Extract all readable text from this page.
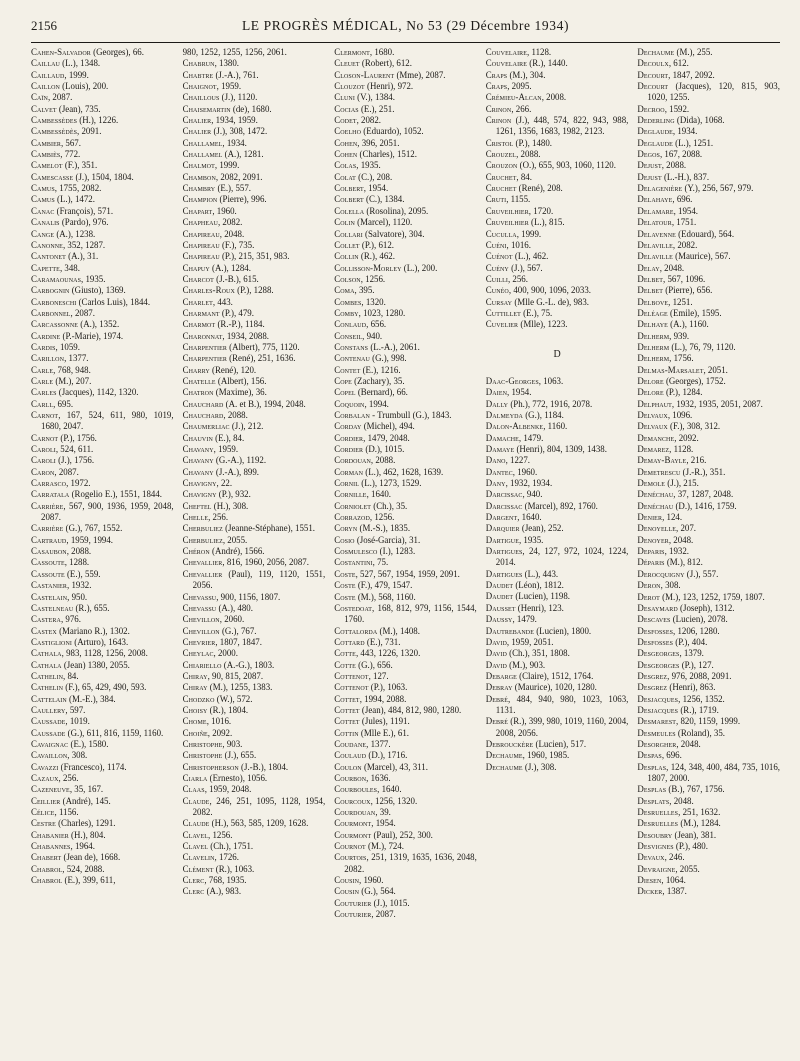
2156	LE PROGRÈS MÉDICAL, No 53 (29 Décembre 1934)
Cahen-Salvador (Georges), 66.
Caillau (L.), 1348.
Caillaud, 1999.
Caillon (Louis), 200.
Caïn, 2087.
Calvet (Jean), 735.
Cambessèdes (H.), 1226.
Cambessèdès, 2091.
Cambier, 567.
Cambiès, 772.
Camelot (F.), 351.
Camescasse (J.), 1504, 1804.
Camus, 1755, 2082.
Camus (L.), 1472.
Canac (François), 571.
Canalis (Pardo), 976.
Cange (A.), 1238.
Canonne, 352, 1287.
Cantonet (A.), 31.
Capette, 348.
Caramaounas, 1935.
Carbognin (Giusto), 1369.
Carboneschi (Carlos Luis), 1844.
Carbonnel, 2087.
Carcassonne (A.), 1352.
Cardine (P.-Marie), 1974.
Cardis, 1059.
Carillon, 1377.
Carle, 768, 948.
Carle (M.), 207.
Carles (Jacques), 1142, 1320.
Carll, 695.
Carnot, 167, 524, 611, 980, 1019, 1680, 2047.
Carnot (P.), 1756.
Caroli, 524, 611.
Caroli (J.), 1756.
Caron, 2087.
Carrasco, 1972.
Carratala (Rogelio E.), 1551, 1844.
Carrière, 567, 900, 1936, 1959, 2048, 2087.
Carrière (G.), 767, 1552.
Cartraud, 1959, 1994.
Casaubon, 2088.
Cassoute, 1288.
Cassoute (E.), 559.
Castanier, 1932.
Castelain, 950.
Castelneau (R.), 655.
Castera, 976.
Castex (Mariano R.), 1302.
Castiglioni (Arturo), 1643.
Cathala, 983, 1128, 1256, 2008.
Cathala (Jean) 1380, 2055.
Cathelin, 84.
Cathelin (F.), 65, 429, 490, 593.
Cattelain (M.-E.), 384.
Caullery, 597.
Caussade, 1019.
Caussade (G.), 611, 816, 1159, 1160.
Cavaignac (E.), 1580.
Cavaillon, 308.
Cavazzi (Francesco), 1174.
Cazaux, 256.
Cazeneuve, 35, 167.
Ceillier (André), 145.
Célice, 1156.
Cestre (Charles), 1291.
Chabanier (H.), 804.
Chabannes, 1964.
Chabert (Jean de), 1668.
Chabrol, 524, 2088.
Chabrol (E.), 399, 611,
980, 1252, 1255, 1256, 2061.
Chabrun, 1380.
Chabtre (J.-A.), 761.
Chaignot, 1959.
Chaillous (J.), 1120.
Chaisemartin (de), 1680.
Chalier, 1934, 1959.
Chalier (J.), 308, 1472.
Challamel, 1934.
Challamel (A.), 1281.
Chalmot, 1999.
Chambon, 2082, 2091.
Chambry (E.), 557.
Champion (Pierre), 996.
Chapart, 1960.
Chapheau, 2082.
Chapireau, 2048.
Chapireau (F.), 735.
Chapireau (P.), 215, 351, 983.
Chapuy (A.), 1284.
Charcot (J.-B.), 615.
Charles-Roux (P.), 1288.
Charlet, 443.
Charmant (P.), 479.
Charmot (R.-P.), 1184.
Charonnat, 1934, 2088.
Charpentier (Albert), 775, 1120.
Charpentier (René), 251, 1636.
Charry (René), 120.
Chatelle (Albert), 156.
Chatron (Maxime), 36.
Chauchard (A. et B.), 1994, 2048.
Chauchard, 2088.
Chaumerliac (J.), 212.
Chauvin (E.), 84.
Chavany, 1959.
Chavany (G.-A.), 1192.
Chavany (J.-A.), 899.
Chavigny, 22.
Chavigny (P.), 932.
Cheftel (H.), 308.
Chelle, 256.
Cherbuliez (Jeanne-Stéphane), 1551.
Cherbuliez, 2055.
Chéron (André), 1566.
Chevallier, 816, 1960, 2056, 2087.
Chevallier (Paul), 119, 1120, 1551, 2056.
Chevassu, 900, 1156, 1807.
Chevassu (A.), 480.
Chevillon, 2060.
Chevillon (G.), 767.
Chevrier, 1807, 1847.
Cheylac, 2000.
Chiariello (A.-G.), 1803.
Chiray, 90, 815, 2087.
Chiray (M.), 1255, 1383.
Chodzko (W.), 572.
Choisy (R.), 1804.
Chome, 1016.
Choiñe, 2092.
Christophe, 903.
Christophe (J.), 655.
Christopherson (J.-B.), 1804.
Ciarla (Ernesto), 1056.
Claas, 1959, 2048.
Claude, 246, 251, 1095, 1128, 1954, 2082.
Claude (H.), 563, 585, 1209, 1628.
Clavel, 1256.
Clavel (Ch.), 1751.
Clavelin, 1726.
Clément (R.), 1063.
Clerc, 768, 1935.
Clerc (A.), 983.
Clermont, 1680.
Cleuet (Robert), 612.
Closon-Laurent (Mme), 2087.
Clouzot (Henri), 972.
Cluni (V.), 1384.
Cocias (E.), 251.
Codet, 2082.
Coelho (Eduardo), 1052.
Cohen, 396, 2051.
Cohen (Charles), 1512.
Colas, 1935.
Colat (C.), 208.
Colbert, 1954.
Colbert (C.), 1384.
Colella (Rosolina), 2095.
Colin (Marcel), 1120.
Collari (Salvatore), 304.
Collet (P.), 612.
Collin (R.), 462.
Collisson-Morley (L.), 200.
Colson, 1256.
Coma, 395.
Combes, 1320.
Comby, 1023, 1280.
Conlaud, 656.
Conseil, 940.
Constans (L.-A.), 2061.
Contenau (G.), 998.
Contet (E.), 1216.
Cope (Zachary), 35.
Copel (Bernard), 66.
Coquoin, 1994.
Corbalan - Trumbull (G.), 1843.
Corday (Michel), 494.
Cordier, 1479, 2048.
Cordier (D.), 1015.
Cordouan, 2088.
Corman (L.), 462, 1628, 1639.
Cornil (L.), 1273, 1529.
Cornille, 1640.
Corniolet (Ch.), 35.
Corrazod, 1256.
Coryn (M.-S.), 1835.
Cosio (José-Garcia), 31.
Cosmulesco (I.), 1283.
Costantini, 75.
Coste, 527, 567, 1954, 1959, 2091.
Coste (F.), 479, 1547.
Coste (M.), 568, 1160.
Costedoat, 168, 812, 979, 1156, 1544, 1760.
Cottalorda (M.), 1408.
Cottard (E.), 731.
Cotte, 443, 1226, 1320.
Cotte (G.), 656.
Cottenot, 127.
Cottenot (P.), 1063.
Cottet, 1994, 2088.
Cottet (Jean), 484, 812, 980, 1280.
Cottet (Jules), 1191.
Cottin (Mlle E.), 61.
Coudane, 1377.
Coulaud (D.), 1716.
Coulon (Marcel), 43, 311.
Courbon, 1636.
Courboules, 1640.
Courcoux, 1256, 1320.
Courdouan, 39.
Courmont, 1954.
Courmont (Paul), 252, 300.
Cournot (M.), 724.
Courtois, 251, 1319, 1635, 1636, 2048, 2082.
Cousin, 1960.
Cousin (G.), 564.
Couturier (J.), 1015.
Couturier, 2087.
Couvelaire, 1128.
Couvelaire (R.), 1440.
Craps (M.), 304.
Craps, 2095.
Crémieu-Alcan, 2008.
Crinon, 266.
Crinon (J.), 448, 574, 822, 943, 988, 1261, 1356, 1683, 1982, 2123.
Cristol (P.), 1480.
Crouzel, 2088.
Crouzon (O.), 655, 903, 1060, 1120.
Cruchet, 84.
Cruchet (René), 208.
Cruti, 1155.
Cruveilhier, 1720.
Cruveilhier (L.), 815.
Cuculla, 1999.
Cuéni, 1016.
Cuénot (L.), 462.
Cuény (J.), 567.
Cuilli, 256.
Cunéo, 400, 900, 1096, 2033.
Cursay (Mlle G.-L. de), 983.
Cuttillet (E.), 75.
Cuvelier (Mlle), 1223.
D
Daac-Georges, 1063.
Daien, 1954.
Dally (Ph.), 772, 1916, 2078.
Dalmeyda (G.), 1184.
Dalon-Albenke, 1160.
Damache, 1479.
Damaye (Henri), 804, 1309, 1438.
Dano, 1227.
Dantec, 1960.
Dany, 1932, 1934.
Darcissac, 940.
Darcissac (Marcel), 892, 1760.
Dargent, 1640.
Darquier (Jean), 252.
Dartigue, 1935.
Dartigues, 24, 127, 972, 1024, 1224, 2014.
Dartigues (L.), 443.
Daudet (Léon), 1812.
Daudet (Lucien), 1198.
Dausset (Henri), 123.
Daussy, 1479.
Dautrebande (Lucien), 1800.
David, 1959, 2051.
David (Ch.), 351, 1808.
David (M.), 903.
Debarge (Claire), 1512, 1764.
Debray (Maurice), 1020, 1280.
Debré, 484, 940, 980, 1023, 1063, 1131.
Debré (R.), 399, 980, 1019, 1160, 2004, 2008, 2056.
Debrouckère (Lucien), 517.
Dechaume, 1960, 1985.
Dechaume (J.), 308.
Dechaume (M.), 255.
Decoulx, 612.
Decourt, 1847, 2092.
Decourt (Jacques), 120, 815, 903, 1020, 1255.
Decroo, 1592.
Dederling (Dida), 1068.
Deglaude, 1934.
Deglaude (L.), 1251.
Degos, 167, 2088.
Dejust, 2088.
Dejust (L.-H.), 837.
Delagenière (Y.), 256, 567, 979.
Delahaye, 696.
Delamare, 1954.
Delatour, 1751.
Delavenne (Edouard), 564.
Delaville, 2082.
Delaville (Maurice), 567.
Delay, 2048.
Delbet, 567, 1096.
Delbet (Pierre), 656.
Delbove, 1251.
Deléage (Emile), 1595.
Delhaye (A.), 1160.
Delherm, 939.
Delherm (L.), 76, 79, 1120.
Delherm, 1756.
Delmas-Marsalet, 2051.
Delore (Georges), 1752.
Delore (P.), 1284.
Delphaut, 1932, 1935, 2051, 2087.
Delvaux, 1096.
Delvaux (F.), 308, 312.
Demanche, 2092.
Demarez, 1128.
Demay-Bayle, 216.
Demetrescu (J.-R.), 351.
Demole (J.), 215.
Denéchau, 37, 1287, 2048.
Denéchau (D.), 1416, 1759.
Denier, 124.
Denoyelle, 207.
Denoyer, 2048.
Deparis, 1932.
Déparis (M.), 812.
Derocquigny (J.), 557.
Deron, 308.
Derot (M.), 123, 1252, 1759, 1807.
Desaymard (Joseph), 1312.
Descaves (Lucien), 2078.
Desfosses, 1206, 1280.
Desfosses (P.), 404.
Desgeorges, 1379.
Desgeorges (P.), 127.
Desgrez, 976, 2088, 2091.
Desgrez (Henri), 863.
Desjacques, 1256, 1352.
Desjacques (R.), 1719.
Desmarest, 820, 1159, 1999.
Desmeules (Roland), 35.
Desorgher, 2048.
Despas, 696.
Desplas, 124, 348, 400, 484, 735, 1016, 1807, 2000.
Desplas (B.), 767, 1756.
Desplats, 2048.
Desruelles, 251, 1632.
Desruelles (M.), 1284.
Desoubry (Jean), 381.
Desvignes (P.), 480.
Devaux, 246.
Devraigne, 2055.
Diesen, 1064.
Dicker, 1387.
